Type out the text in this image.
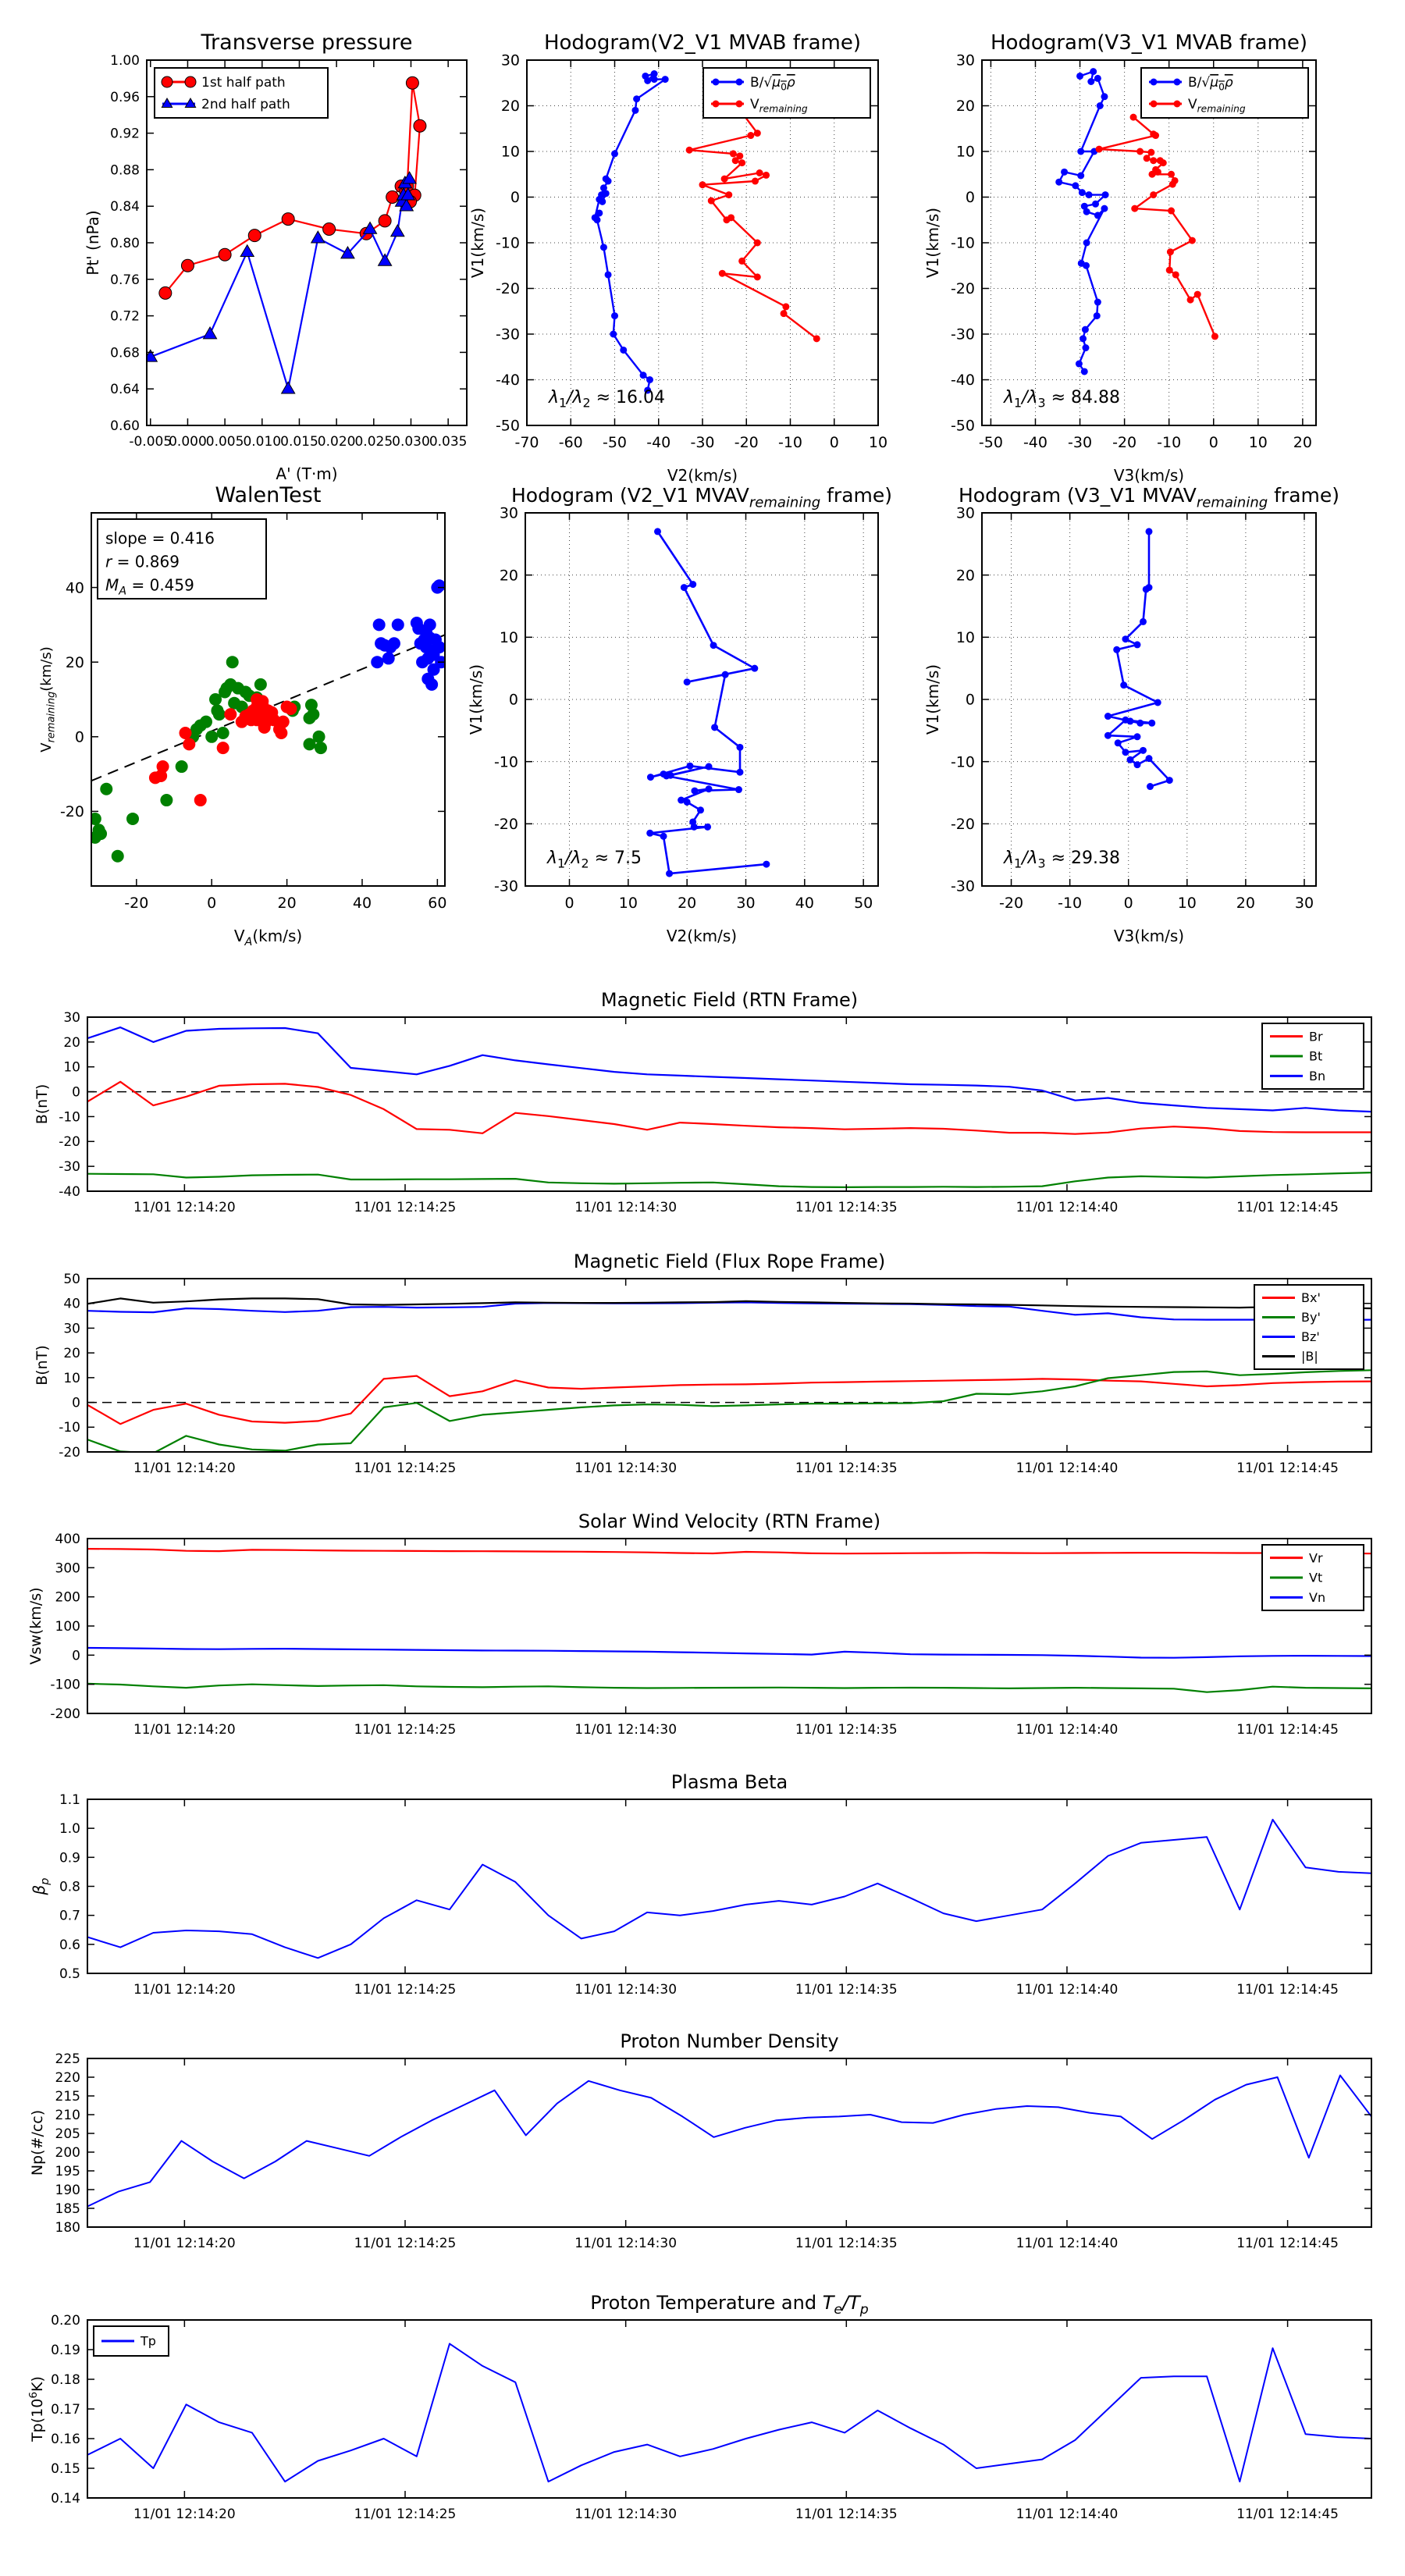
-0.005
0.000 0.005 0.010 0.015 0.020 0.025 0.030 0.035
1.00
0.96
0.92
0.88
0.84
0.80
0.76
0.72
0.68
0.64
0.60
Transverse pressure
A' (T·m)
Pt' (nPa)
1st half path
2nd half path
-70 -60 -50 -40 -30 -20 -10 0 10
30
20
10
0
-10
-20
-30
-40
-50
Hodogram(V2_V1 MVAB frame)
V2(km/s)
V1(km/s)
$B/√\mu_0\rho$
$V_{remaining}$
$\lambda_1/\lambda_2 \approx 16.04$
-50 -40 -30 -20 -10 0 10 20
30
20
10
0
-10
-20
-30
-40
-50
Hodogram(V3_V1 MVAB frame)
V3(km/s)
V1(km/s)
$B/√\mu_0\rho$
$V_{remaining}$
$\lambda_1/\lambda_3 \approx 84.88$
-20	0	20	40	60
40
20
0
-20
WalenTest
$V_A(km/s)$
$V_{remaining}(km/s)$
slope = 0.416
r = 0.869
$M_A = 0.459$
0	10	20	30	40	50
30
20
10
0
-10
-20
-30
Hodogram (V2_V1 $MVAV_{remaining}$ frame)
V2(km/s)
V1(km/s)
$\lambda_1/\lambda_2 \approx 7.5$
-20 -10	0	10	20	30
30
20
10
0
-10
-20
-30
Hodogram (V3_V1 $MVAV_{remaining}$ frame)
V3(km/s)
V1(km/s)
$\lambda_1/\lambda_3 \approx 29.38$
11/01 12:14:20	11/01 12:14:25	11/01 12:14:30	11/01 12:14:35	11/01 12:14:40	11/01 12:14:45
30
20
10
0
-10
-20
-30
-40
Magnetic Field (RTN Frame)
B(nT)
Br
Bt
Bn
11/01 12:14:20	11/01 12:14:25	11/01 12:14:30	11/01 12:14:35	11/01 12:14:40	11/01 12:14:45
50
40
30
20
10
0
-10
-20
Magnetic Field (Flux Rope Frame)
B(nT)
Bx'
By'
Bz'
|B|
11/01 12:14:20	11/01 12:14:25	11/01 12:14:30	11/01 12:14:35	11/01 12:14:40	11/01 12:14:45
400
300
200
100
0
-100
-200
Solar Wind Velocity (RTN Frame)
Vsw(km/s)
Vr
Vt
Vn
11/01 12:14:20	11/01 12:14:25	11/01 12:14:30	11/01 12:14:35	11/01 12:14:40	11/01 12:14:45
1.1
1.0
0.9
0.8
0.7
0.6
0.5
Plasma Beta
$\beta_p$
11/01 12:14:20	11/01 12:14:25	11/01 12:14:30	11/01 12:14:35	11/01 12:14:40	11/01 12:14:45
225
220
215
210
205
200
195
190
185
180
Proton Number Density
Np(#/cc)
11/01 12:14:20	11/01 12:14:25	11/01 12:14:30	11/01 12:14:35	11/01 12:14:40	11/01 12:14:45
0.20
0.19
0.18
0.17
0.16
0.15
0.14
Proton Temperature and $T_e/T_p$
$Tp(10^6K)$
Tp
